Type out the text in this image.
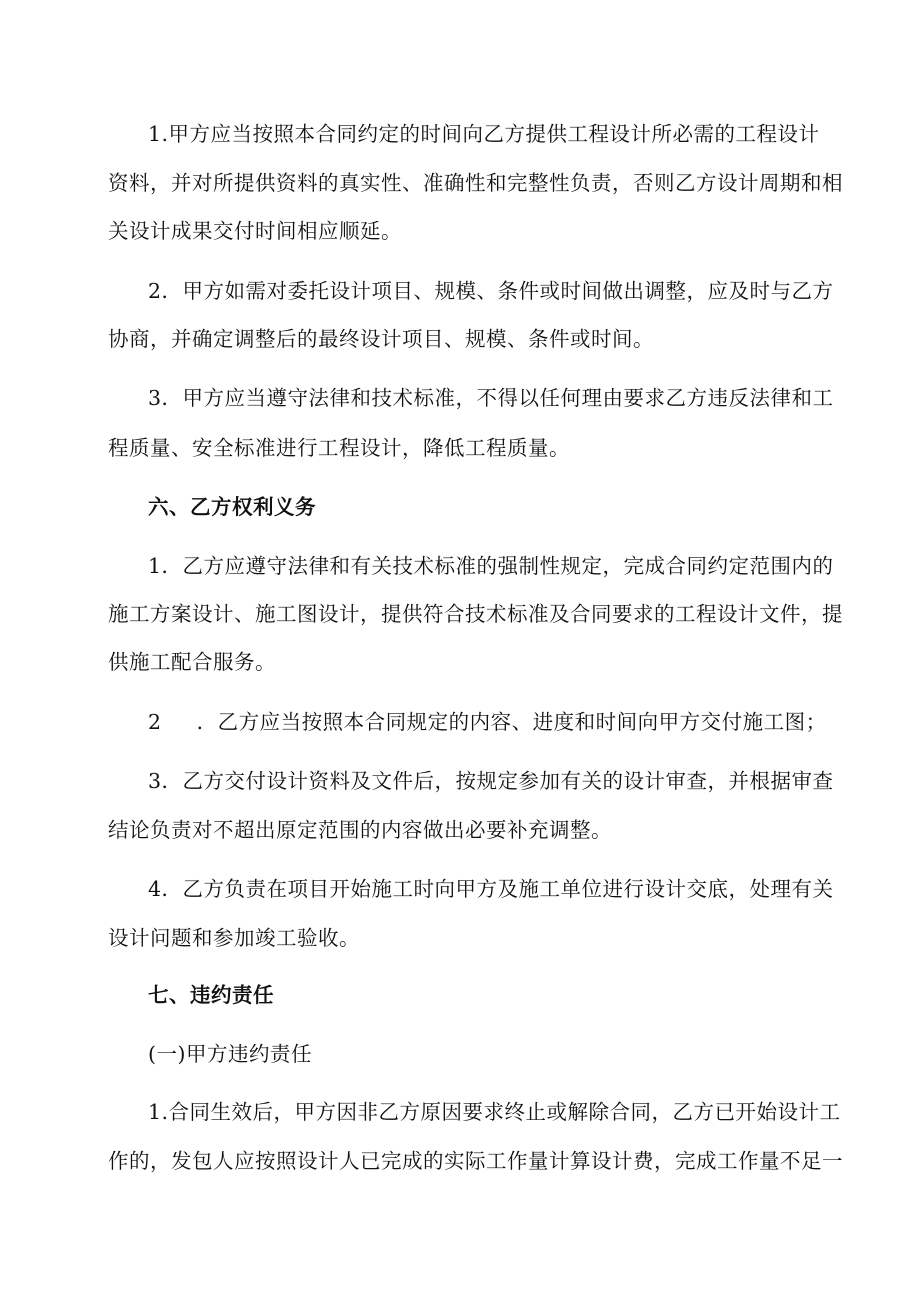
1.甲方应当按照本合同约定的时间向乙方提供工程设计所必需的工程设计
资料，并对所提供资料的真实性、准确性和完整性负责，否则乙方设计周期和相
关设计成果交付时间相应顺延。
2．甲方如需对委托设计项目、规模、条件或时间做出调整，应及时与乙方
协商，并确定调整后的最终设计项目、规模、条件或时间。
3．甲方应当遵守法律和技术标准，不得以任何理由要求乙方违反法律和工
程质量、安全标准进行工程设计，降低工程质量。
六、乙方权利义务
1．乙方应遵守法律和有关技术标准的强制性规定，完成合同约定范围内的
施工方案设计、施工图设计，提供符合技术标准及合同要求的工程设计文件，提
供施工配合服务。
2     ．乙方应当按照本合同规定的内容、进度和时间向甲方交付施工图；
3．乙方交付设计资料及文件后，按规定参加有关的设计审查，并根据审查
结论负责对不超出原定范围的内容做出必要补充调整。
4．乙方负责在项目开始施工时向甲方及施工单位进行设计交底，处理有关
设计问题和参加竣工验收。
七、违约责任
(一)甲方违约责任
1.合同生效后，甲方因非乙方原因要求终止或解除合同，乙方已开始设计工
作的，发包人应按照设计人已完成的实际工作量计算设计费，完成工作量不足一
